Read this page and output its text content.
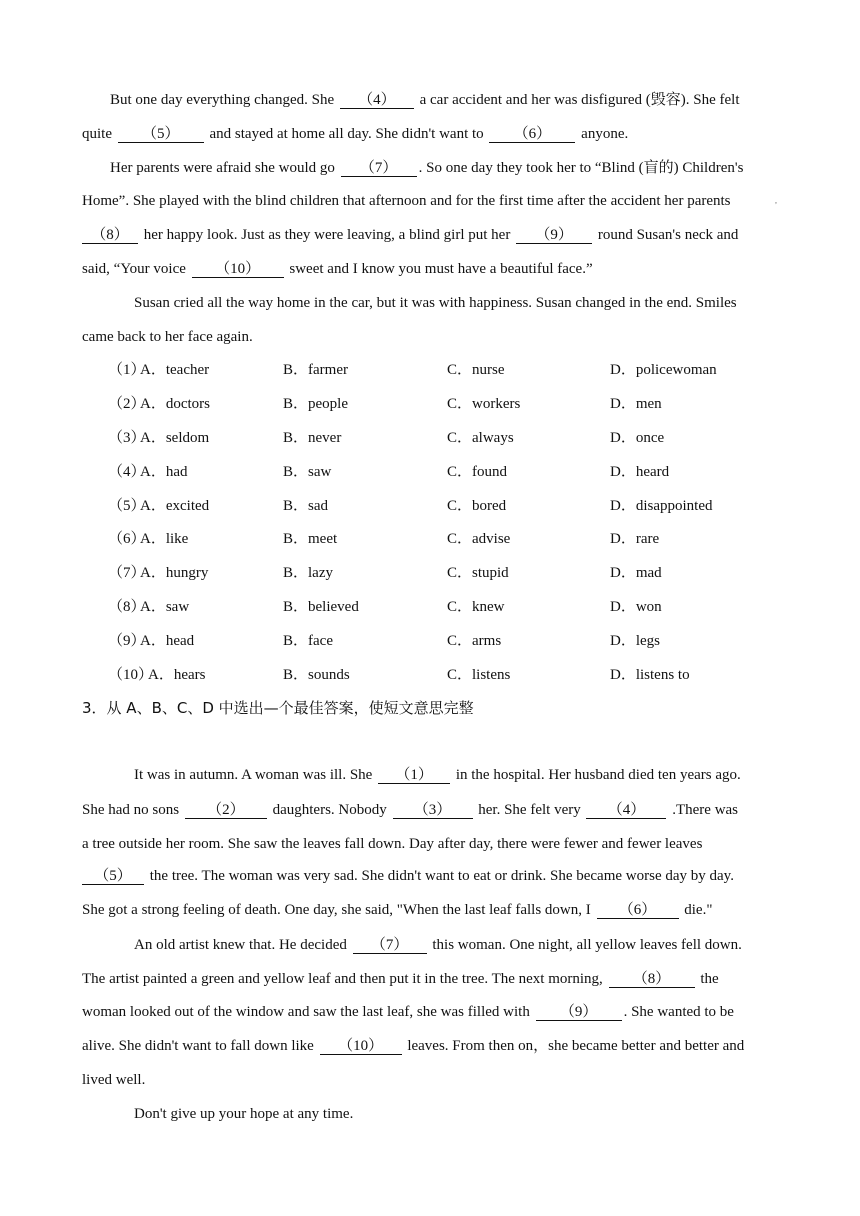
But one day everything changed. She （4） a car accident and her was disfigured (毁容). She felt
quite （5） and stayed at home all day. She didn't want to （6） anyone.
Her parents were afraid she would go （7） . So one day they took her to “Blind (盲的) Children's
Home”. She played with the blind children that afternoon and for the first time after the accident her parents	,
（8） her happy look. Just as they were leaving, a blind girl put her （9） round Susan's neck and
said, “Your voice （10） sweet and I know you must have a beautiful face.”
Susan cried all the way home in the car, but it was with happiness. Susan changed in the end. Smiles
came back to her face again.
（1）
A．teacher	B．farmer	C．nurse	D．policewoman
（2）
A．doctors	B．people	C．workers	D．men
（3）
A．seldom	B．never	C．always	D．once
（4）
A．had	B．saw	C．found	D．heard
（5）
A．excited	B．sad	C．bored	D．disappointed
（6）
A．like	B．meet	C．advise	D．rare
（7）
A．hungry	B．lazy	C．stupid	D．mad
（8）
A．saw	B．believed	C．knew	D．won
（9）
A．head	B．face	C．arms	D．legs
（10）
A．hears	B．sounds	C．listens	D．listens to
3．从 A、B、C、D 中选出—个最佳答案，使短文意思完整
It was in autumn. A woman was ill. She （1） in the hospital. Her husband died ten years ago.
She had no sons （2） daughters. Nobody （3） her. She felt very （4） .There was
a tree outside her room. She saw the leaves fall down. Day after day, there were fewer and fewer leaves
（5） the tree. The woman was very sad. She didn't want to eat or drink. She became worse day by day.
She got a strong feeling of death. One day, she said, "When the last leaf falls down, I （6） die."
An old artist knew that. He decided （7） this woman. One night, all yellow leaves fell down.
The artist painted a green and yellow leaf and then put it in the tree. The next morning, （8） the
woman looked out of the window and saw the last leaf, she was filled with （9） . She wanted to be
alive. She didn't want to fall down like （10） leaves. From then on，she became better and better and
lived well.
Don't give up your hope at any time.
